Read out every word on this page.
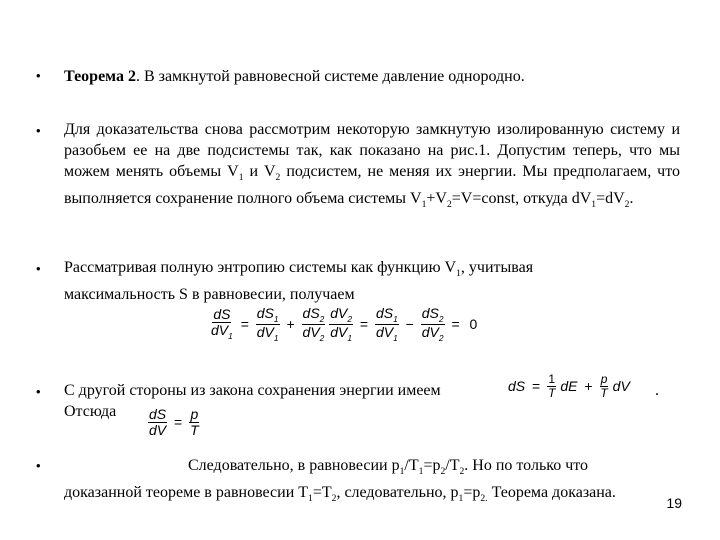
•
•
•
•
•
Теорема 2. В замкнутой равновесной системе давление однородно.
Для доказательства снова рассмотрим некоторую замкнутую изолированную систему и разобьем ее на две подсистемы так, как показано на рис.1. Допустим теперь, что мы можем менять объемы $V_1$ и $V_2$ подсистем, не меняя их энергии. Мы предполагаем, что выполняется сохранение полного объема системы $V_1+V_2=V=const$, откуда $dV_1=dV_2$.
Рассматривая полную энтропию системы как функцию $V_1$, учитывая максимальность S в равновесии, получаем
$\frac{dS}{dV_1} = \frac{dS_1}{dV_1} + \frac{dS_2}{dV_2}$
$\frac{dV_2}{dV_1} = \frac{dS_1}{dV_1} - \frac{dS_2}{dV_2} = 0$
С другой стороны из закона сохранения энергии имеем
Отсюда
.
dS = $\frac{1}{T}$ dE + $\frac{p}{T}$ dV
$\frac{dS}{dV} = \frac{p}{T}$
Следовательно, в равновесии $p_1/T_1=p_2/T_2$. Но по только что доказанной теореме в равновесии $T_1=T_2$, следовательно, $p_1=p_{2.}$ Теорема доказана.
19
